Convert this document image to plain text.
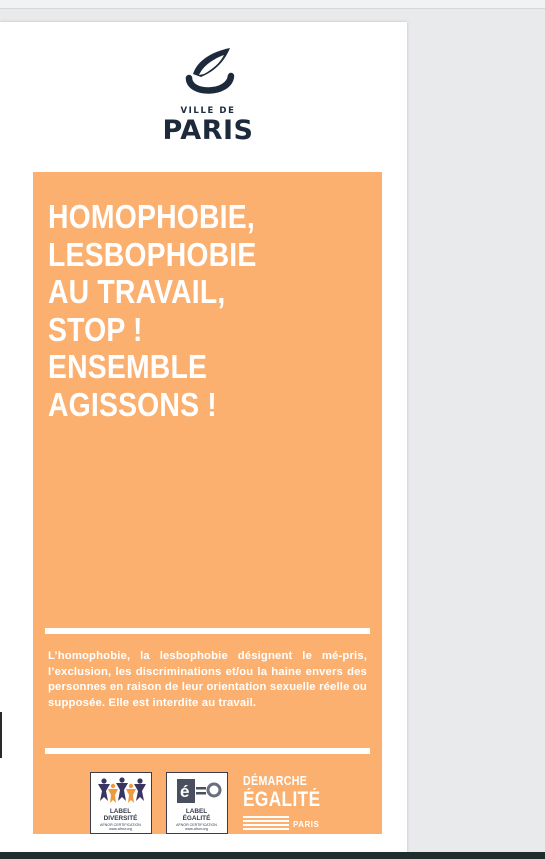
VILLE DE
PARIS
HOMOPHOBIE,
LESBOPHOBIE
AU TRAVAIL,
STOP !
ENSEMBLE
AGISSONS !
L’homophobie, la lesbophobie désignent le mé-pris, l’exclusion, les discriminations et/ou la haine envers des personnes en raison de leur orientation sexuelle réelle ou supposée. Elle est interdite au travail.
LABEL
DIVERSITÉ
AFNOR CERTIFICATION
www.afnor.org
é
LABEL
ÉGALITÉ
AFNOR CERTIFICATION
www.afnor.org
DÉMARCHE
ÉGALITÉ
PARIS
